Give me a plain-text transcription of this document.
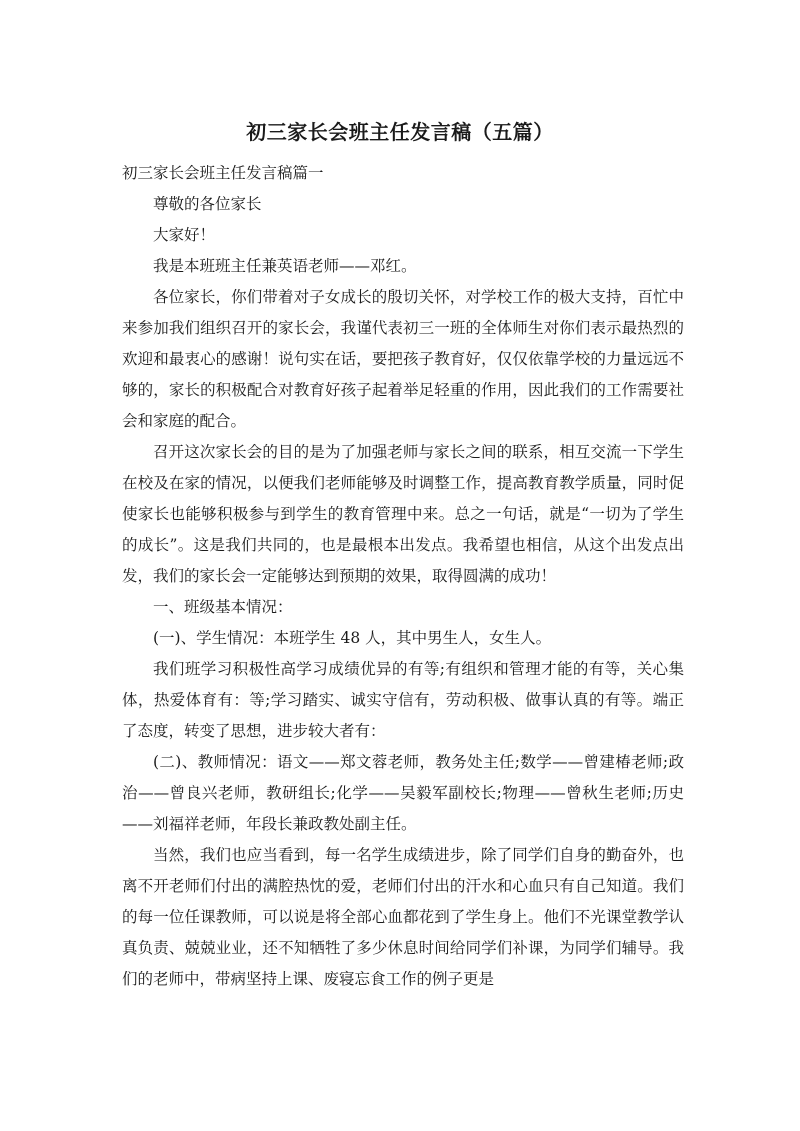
初三家长会班主任发言稿（五篇）

初三家长会班主任发言稿篇一

尊敬的各位家长

大家好！

我是本班班主任兼英语老师——邓红。

各位家长，你们带着对子女成长的殷切关怀，对学校工作的极大支持，百忙中来参加我们组织召开的家长会，我谨代表初三一班的全体师生对你们表示最热烈的欢迎和最衷心的感谢！说句实在话，要把孩子教育好，仅仅依靠学校的力量远远不够的，家长的积极配合对教育好孩子起着举足轻重的作用，因此我们的工作需要社会和家庭的配合。

召开这次家长会的目的是为了加强老师与家长之间的联系，相互交流一下学生在校及在家的情况，以便我们老师能够及时调整工作，提高教育教学质量，同时促使家长也能够积极参与到学生的教育管理中来。总之一句话，就是“一切为了学生的成长”。这是我们共同的，也是最根本出发点。我希望也相信，从这个出发点出发，我们的家长会一定能够达到预期的效果，取得圆满的成功！

一、班级基本情况：

(一)、学生情况：本班学生 48 人，其中男生人，女生人。

我们班学习积极性高学习成绩优异的有等;有组织和管理才能的有等，关心集体，热爱体育有：等;学习踏实、诚实守信有，劳动积极、做事认真的有等。端正了态度，转变了思想，进步较大者有：

(二)、教师情况：语文——郑文蓉老师，教务处主任;数学——曾建椿老师;政治——曾良兴老师，教研组长;化学——吴毅军副校长;物理——曾秋生老师;历史——刘福祥老师，年段长兼政教处副主任。

当然，我们也应当看到，每一名学生成绩进步，除了同学们自身的勤奋外，也离不开老师们付出的满腔热忱的爱，老师们付出的汗水和心血只有自己知道。我们的每一位任课教师，可以说是将全部心血都花到了学生身上。他们不光课堂教学认真负责、兢兢业业，还不知牺牲了多少休息时间给同学们补课，为同学们辅导。我们的老师中，带病坚持上课、废寝忘食工作的例子更是
